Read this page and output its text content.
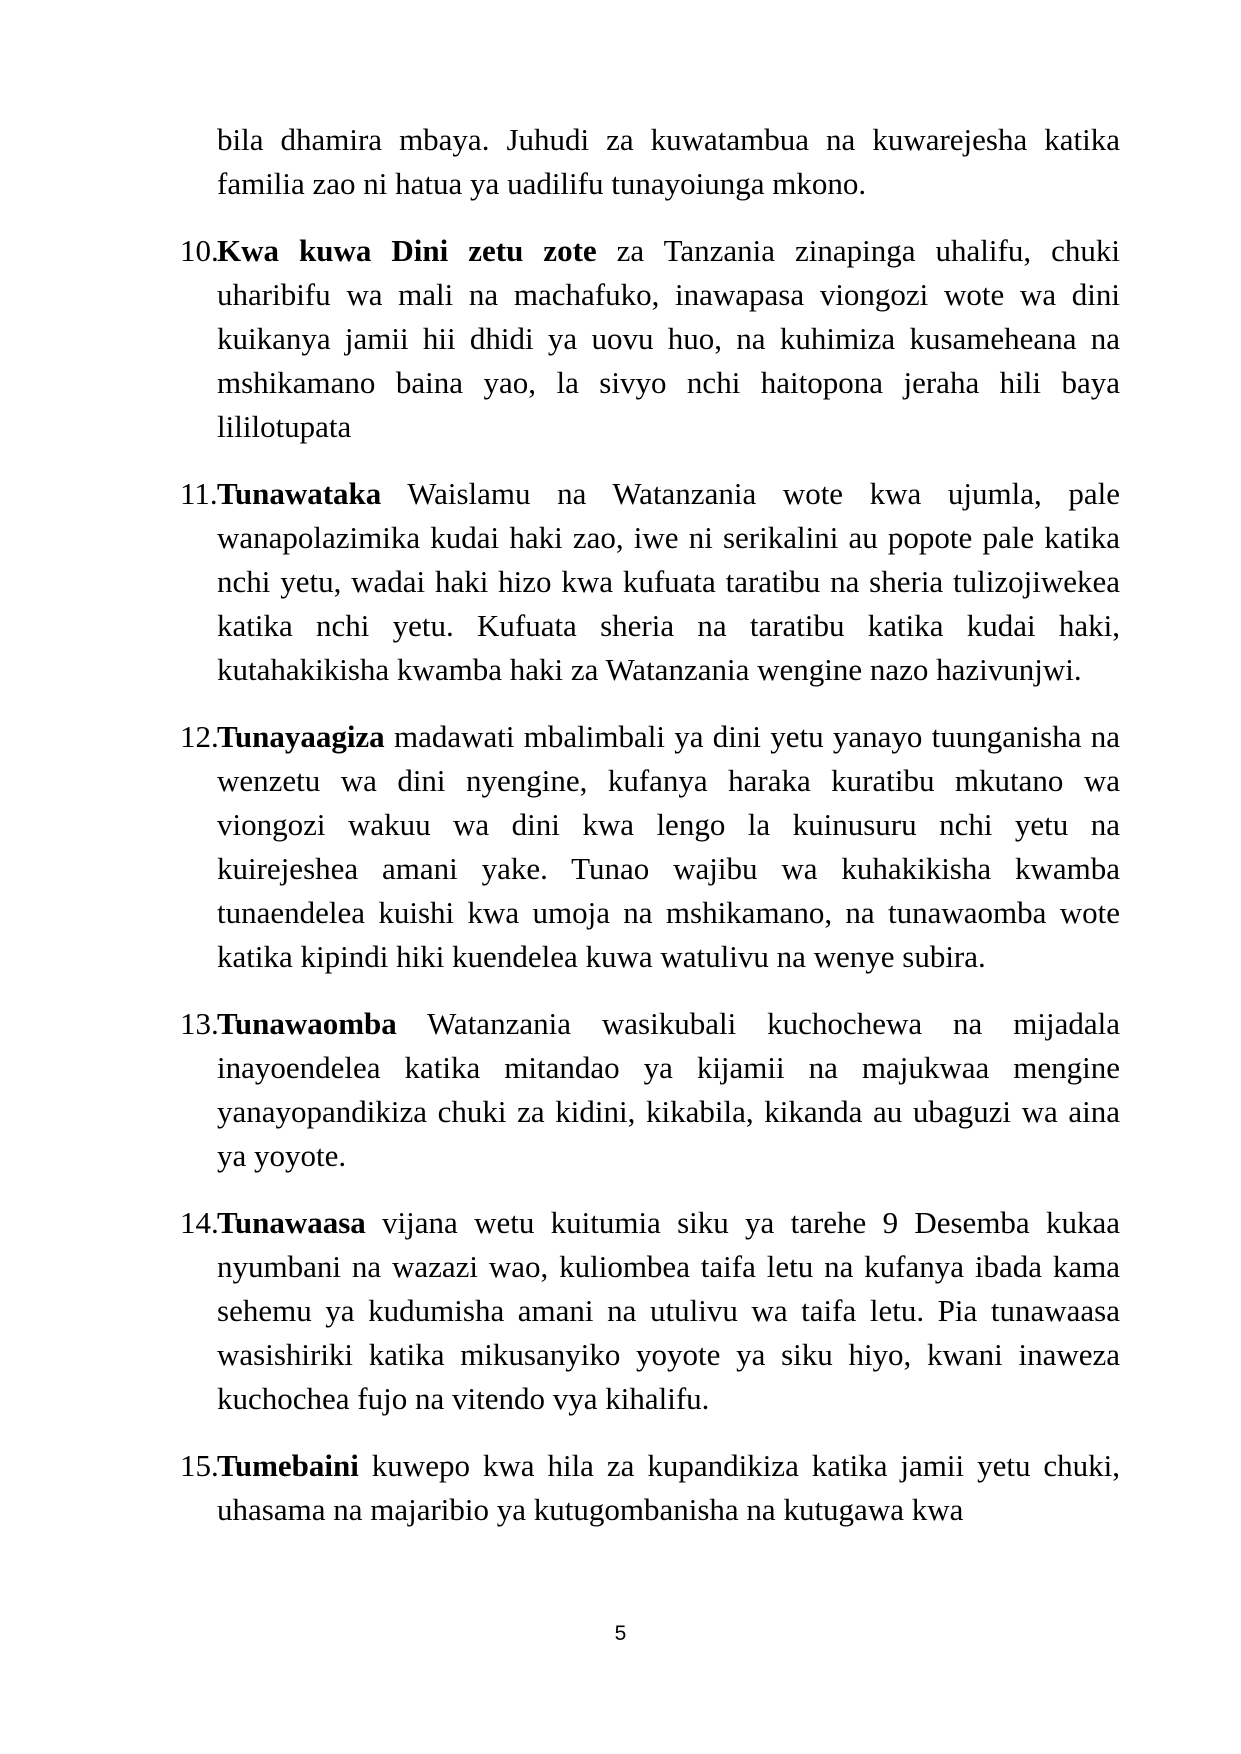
bila dhamira mbaya. Juhudi za kuwatambua na kuwarejesha katika familia zao ni hatua ya uadilifu tunayoiunga mkono.

10.
Kwa kuwa Dini zetu zote za Tanzania zinapinga uhalifu, chuki uharibifu wa mali na machafuko, inawapasa viongozi wote wa dini kuikanya jamii hii dhidi ya uovu huo, na kuhimiza kusameheana na mshikamano baina yao, la sivyo nchi haitopona jeraha hili baya lililotupata
11. Tunawataka Waislamu na Watanzania wote kwa ujumla, pale wanapolazimika kudai haki zao, iwe ni serikalini au popote pale katika nchi yetu, wadai haki hizo kwa kufuata taratibu na sheria tulizojiwekea katika nchi yetu. Kufuata sheria na taratibu katika kudai haki, kutahakikisha kwamba haki za Watanzania wengine nazo hazivunjwi.
12.
Tunayaagiza madawati mbalimbali ya dini yetu yanayo tuunganisha na wenzetu wa dini nyengine, kufanya haraka kuratibu mkutano wa viongozi wakuu wa dini kwa lengo la kuinusuru nchi yetu na kuirejeshea amani yake. Tunao wajibu wa kuhakikisha kwamba tunaendelea kuishi kwa umoja na mshikamano, na tunawaomba wote katika kipindi hiki kuendelea kuwa watulivu na wenye subira.
13.
Tunawaomba Watanzania wasikubali kuchochewa na mijadala inayoendelea katika mitandao ya kijamii na majukwaa mengine yanayopandikiza chuki za kidini, kikabila, kikanda au ubaguzi wa aina ya yoyote.
14.
Tunawaasa vijana wetu kuitumia siku ya tarehe 9 Desemba kukaa nyumbani na wazazi wao, kuliombea taifa letu na kufanya ibada kama sehemu ya kudumisha amani na utulivu wa taifa letu. Pia tunawaasa wasishiriki katika mikusanyiko yoyote ya siku hiyo, kwani inaweza kuchochea fujo na vitendo vya kihalifu.
15.
Tumebaini kuwepo kwa hila za kupandikiza katika jamii yetu chuki, uhasama na majaribio ya kutugombanisha na kutugawa kwa
5
